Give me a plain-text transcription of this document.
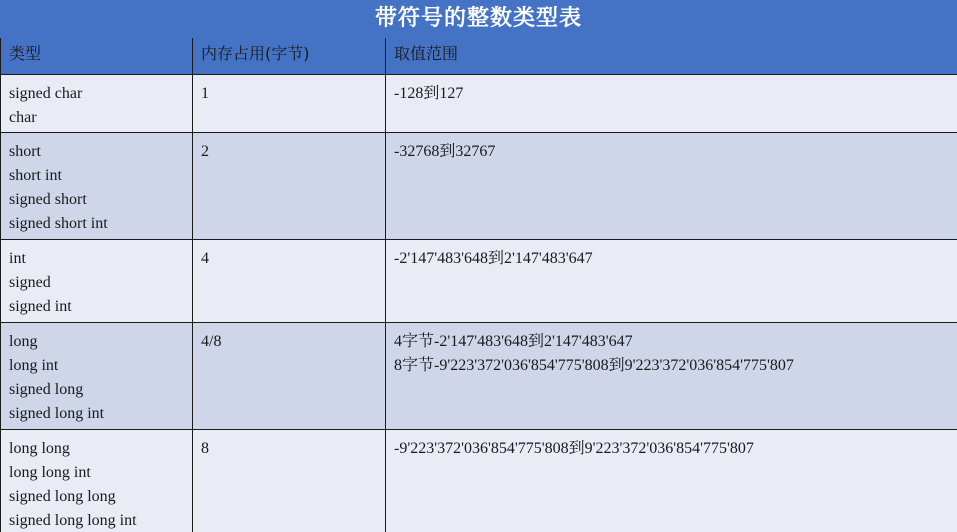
带符号的整数类型表
类型	内存占用(字节)	取值范围

signed char
char	1	-128到127

short
short int
signed short
signed short int	2	-32768到32767

int
signed
signed int	4	-2'147'483'648到2'147'483'647

long
long int
signed long
signed long int	4/8	4字节-2'147'483'648到2'147'483'647
8字节-9'223'372'036'854'775'808到9'223'372'036'854'775'807

long long
long long int
signed long long
signed long long int	8	-9'223'372'036'854'775'808到9'223'372'036'854'775'807
